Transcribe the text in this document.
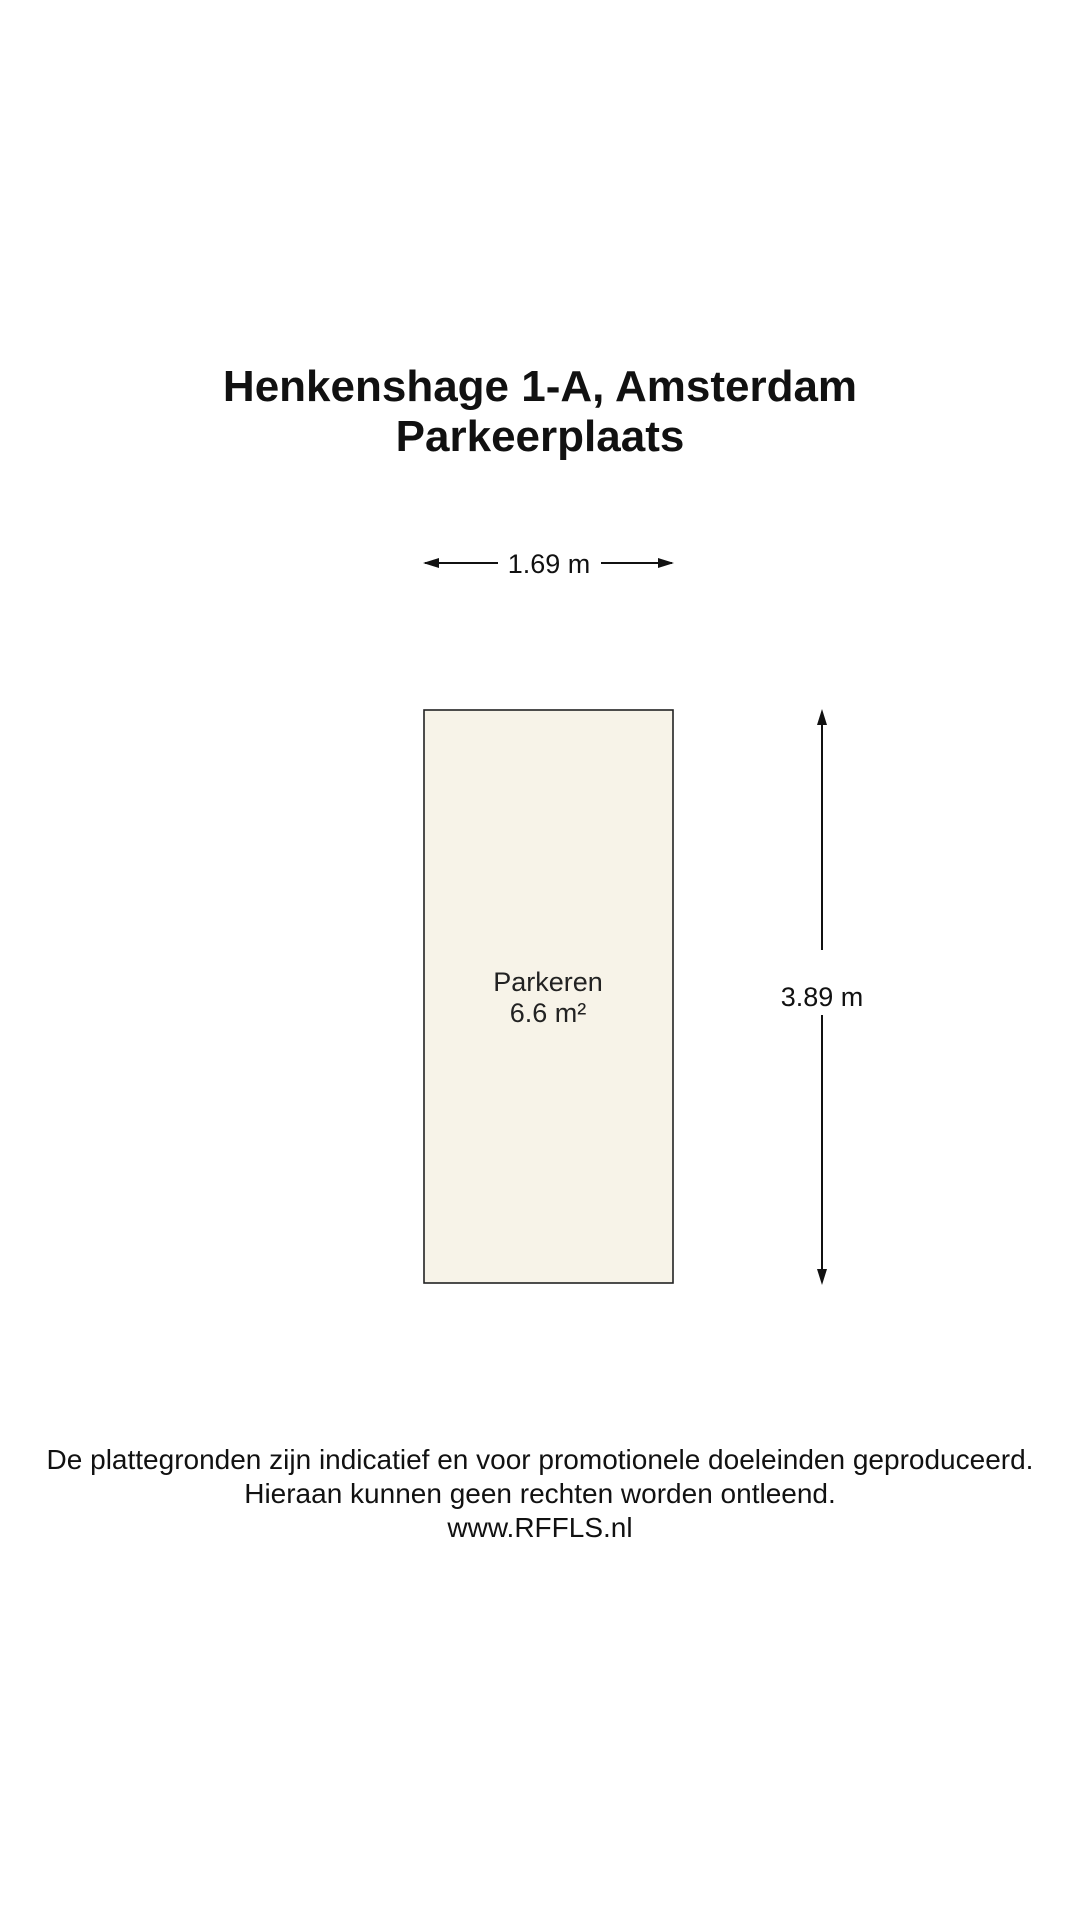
Henkenshage 1-A, Amsterdam
Parkeerplaats
1.69 m
Parkeren
6.6 m²
3.89 m
De plattegronden zijn indicatief en voor promotionele doeleinden geproduceerd.
Hieraan kunnen geen rechten worden ontleend.
www.RFFLS.nl
